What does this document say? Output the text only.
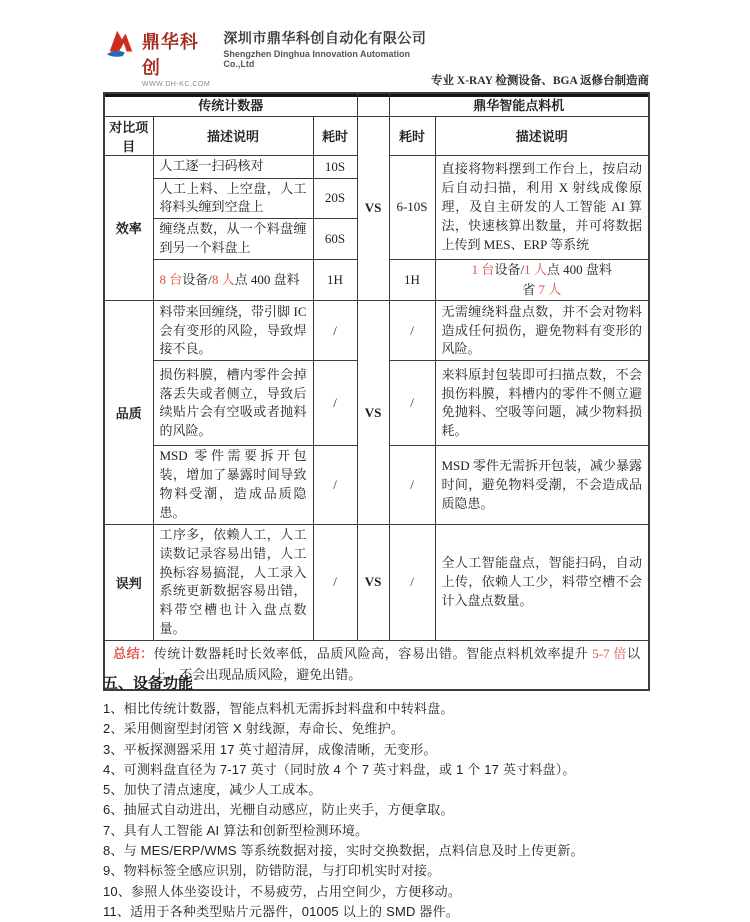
鼎华科创
WWW.DH-KC.COM
深圳市鼎华科创自动化有限公司
Shengzhen Dinghua Innovation Automation Co.,Ltd
专业 X-RAY 检测设备、BGA 返修台制造商
传统计数器				鼎华智能点料机	
对比项目	描述说明	耗时	VS	耗时	描述说明
效率	人工逐一扫码核对	10S		6-10S	直接将物料摆到工作台上，按启动后自动扫描，利用 X 射线成像原理，及自主研发的人工智能 AI 算法，快速核算出数量，并可将数据上传到 MES、ERP 等系统
	人工上料、上空盘，人工将料头缠到空盘上	20S			
	缠绕点数，从一个料盘缠到另一个料盘上	60S			
	8 台设备/8 人点 400 盘料	1H		1H	1 台设备/1 人点 400 盘料
省 7 人

品质	料带来回缠绕，带引脚 IC 会有变形的风险，导致焊接不良。	/	VS	/	无需缠绕料盘点数，并不会对物料造成任何损伤，避免物料有变形的风险。
	损伤料膜，槽内零件会掉落丢失或者侧立，导致后续贴片会有空吸或者抛料的风险。	/		/	来料原封包装即可扫描点数，不会损伤料膜，料槽内的零件不侧立避免抛料、空吸等问题，减少物料损耗。
	MSD 零件需要拆开包装，增加了暴露时间导致物料受潮，造成品质隐患。	/		/	MSD 零件无需拆开包装，减少暴露时间，避免物料受潮，不会造成品质隐患。
误判	工序多，依赖人工，人工读数记录容易出错，人工换标容易搞混，人工录入系统更新数据容易出错，料带空槽也计入盘点数量。	/	VS	/	全人工智能盘点，智能扫码，自动上传，依赖人工少，料带空槽不会计入盘点数量。

总结：传统计数器耗时长效率低，品质风险高，容易出错。智能点料机效率提升 5-7 倍以上，不会出现品质风险，避免出错。					
五、设备功能
1、相比传统计数器，智能点料机无需拆封料盘和中转料盘。
2、采用侧窗型封闭管 X 射线源，寿命长、免维护。
3、平板探测器采用 17 英寸超清屏，成像清晰，无变形。
4、可测料盘直径为 7-17 英寸（同时放 4 个 7 英寸料盘，或 1 个 17 英寸料盘）。
5、加快了清点速度，减少人工成本。
6、抽屉式自动进出，光栅自动感应，防止夹手，方便拿取。
7、具有人工智能 AI 算法和创新型检测环境。
8、与 MES/ERP/WMS 等系统数据对接，实时交换数据，点料信息及时上传更新。
9、物料标签全感应识别，防错防混，与打印机实时对接。
10、参照人体坐姿设计，不易疲劳，占用空间少，方便移动。
11、适用于各种类型贴片元器件，01005 以上的 SMD 器件。
